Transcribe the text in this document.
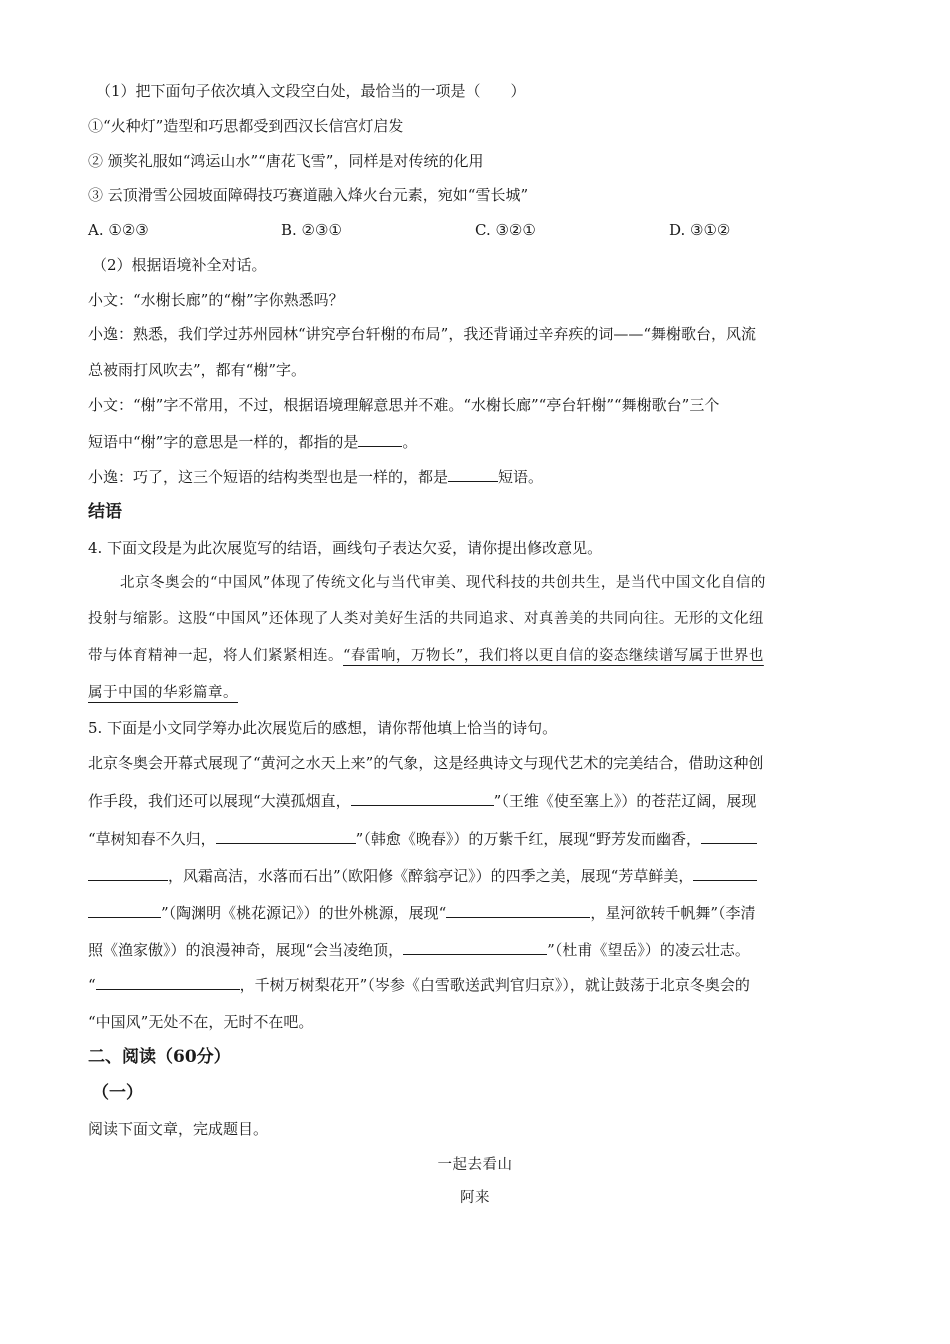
（1）把下面句子依次填入文段空白处，最恰当的一项是（　　）
①“火种灯”造型和巧思都受到西汉长信宫灯启发
② 颁奖礼服如“鸿运山水”“唐花飞雪”，同样是对传统的化用
③ 云顶滑雪公园坡面障碍技巧赛道融入烽火台元素，宛如“雪长城”
A. ①②③	B. ②③①	C. ③②①	D. ③①②
（2）根据语境补全对话。
小文：“水榭长廊”的“榭”字你熟悉吗？
小逸：熟悉，我们学过苏州园林“讲究亭台轩榭的布局”，我还背诵过辛弃疾的词——“舞榭歌台，风流
总被雨打风吹去”，都有“榭”字。
小文：“榭”字不常用，不过，根据语境理解意思并不难。“水榭长廊”“亭台轩榭”“舞榭歌台”三个
短语中“榭”字的意思是一样的，都指的是	。
小逸：巧了，这三个短语的结构类型也是一样的，都是	短语。
结语
4. 下面文段是为此次展览写的结语，画线句子表达欠妥，请你提出修改意见。
北京冬奥会的“中国风”体现了传统文化与当代审美、现代科技的共创共生，是当代中国文化自信的
投射与缩影。这股“中国风”还体现了人类对美好生活的共同追求、对真善美的共同向往。无形的文化纽
带与体育精神一起，将人们紧紧相连。“春雷响，万物长”，我们将以更自信的姿态继续谱写属于世界也
属于中国的华彩篇章。
5. 下面是小文同学筹办此次展览后的感想，请你帮他填上恰当的诗句。
北京冬奥会开幕式展现了“黄河之水天上来”的气象，这是经典诗文与现代艺术的完美结合，借助这种创
作手段，我们还可以展现“大漠孤烟直，	”（王维《使至塞上》）的苍茫辽阔，展现
“草树知春不久归，	”（韩愈《晚春》）的万紫千红，展现“野芳发而幽香，
，风霜高洁，水落而石出”（欧阳修《醉翁亭记》）的四季之美，展现“芳草鲜美，
”（陶渊明《桃花源记》）的世外桃源，展现“	，星河欲转千帆舞”（李清
照《渔家傲》）的浪漫神奇，展现“会当凌绝顶，	”（杜甫《望岳》）的凌云壮志。
“	，千树万树梨花开”（岑参《白雪歌送武判官归京》），就让鼓荡于北京冬奥会的
“中国风”无处不在，无时不在吧。
二、阅读（60分）
（一）
阅读下面文章，完成题目。
一起去看山
阿来
